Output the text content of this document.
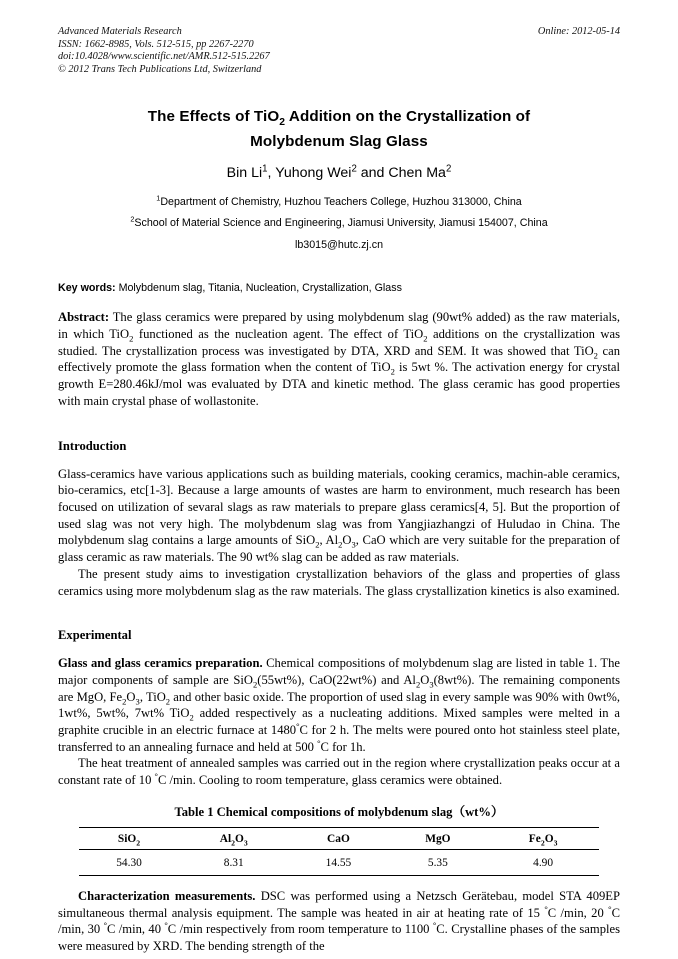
Advanced Materials Research
ISSN: 1662-8985, Vols. 512-515, pp 2267-2270
doi:10.4028/www.scientific.net/AMR.512-515.2267
© 2012 Trans Tech Publications Ltd, Switzerland
Online: 2012-05-14
The Effects of TiO$_2$ Addition on the Crystallization of
Molybdenum Slag Glass
Bin Li$^1$, Yuhong Wei$^2$ and Chen Ma$^2$
$^1$Department of Chemistry, Huzhou Teachers College, Huzhou 313000, China
$^2$School of Material Science and Engineering, Jiamusi University, Jiamusi 154007, China
lb3015@hutc.zj.cn
Key words: Molybdenum slag, Titania, Nucleation, Crystallization, Glass
Abstract: The glass ceramics were prepared by using molybdenum slag (90wt% added) as the raw materials, in which TiO$_2$ functioned as the nucleation agent. The effect of TiO$_2$ additions on the crystallization was studied. The crystallization process was investigated by DTA, XRD and SEM. It was showed that TiO$_2$ can effectively promote the glass formation when the content of TiO$_2$ is 5wt %. The activation energy for crystal growth E=280.46kJ/mol was evaluated by DTA and kinetic method. The glass ceramic has good properties with main crystal phase of wollastonite.
Introduction
Glass-ceramics have various applications such as building materials, cooking ceramics, machin-able ceramics, bio-ceramics, etc[1-3]. Because a large amounts of wastes are harm to environment, much research has been focused on utilization of sevaral slags as raw materials to prepare glass ceramics[4, 5]. But the proportion of used slag was not very high. The molybdenum slag was from Yangjiazhangzi of Huludao in China. The molybdenum slag contains a large amounts of SiO$_2$, $Al_2O_3$, CaO which are very suitable for the preparation of glass ceramic as raw materials. The 90 wt% slag can be added as raw materials.
The present study aims to investigation crystallization behaviors of the glass and properties of glass ceramics using more molybdenum slag as the raw materials. The glass crystallization kinetics is also examined.
Experimental
Glass and glass ceramics preparation. Chemical compositions of molybdenum slag are listed in table 1. The major components of sample are SiO$_2$(55wt%), CaO(22wt%) and $Al_2O_3(8wt\%)$. The remaining components are MgO, $Fe_2O_3$, TiO$_2$ and other basic oxide. The proportion of used slag in every sample was 90% with 0wt%, 1wt%, 5wt%, 7wt% TiO$_2$ added respectively as a nucleating additions. Mixed samples were melted in a graphite crucible in an electric furnace at 1480°C for 2 h. The melts were poured onto hot stainless steel plate, transferred to an annealing furnace and held at 500 °C for 1h.
The heat treatment of annealed samples was carried out in the region where crystallization peaks occur at a constant rate of 10 °C /min. Cooling to room temperature, glass ceramics were obtained.
Table 1 Chemical compositions of molybdenum slag（wt%）
SiO$_2$	$Al_2O_3$	CaO	MgO	$Fe_2O_3$
54.30	8.31	14.55	5.35	4.90
Characterization measurements. DSC was performed using a Netzsch Gerätebau, model STA 409EP simultaneous thermal analysis equipment. The sample was heated in air at heating rate of 15 °C /min, 20 °C /min, 30 °C /min, 40 °C /min respectively from room temperature to 1100 °C. Crystalline phases of the samples were measured by XRD. The bending strength of the
